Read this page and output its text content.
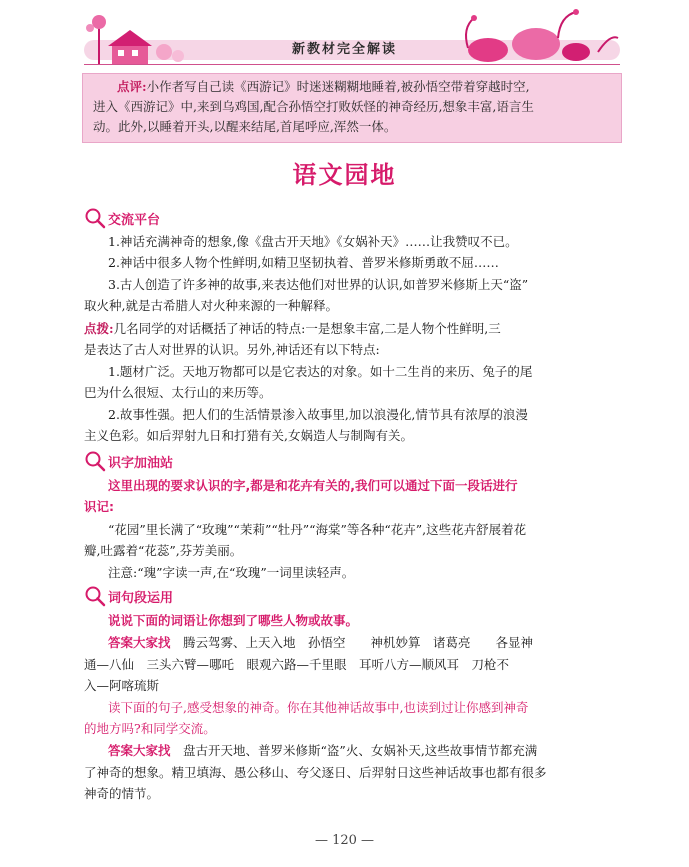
新教材完全解读
点评:小作者写自己读《西游记》时迷迷糊糊地睡着,被孙悟空带着穿越时空,
进入《西游记》中,来到乌鸡国,配合孙悟空打败妖怪的神奇经历,想象丰富,语言生
动。此外,以睡着开头,以醒来结尾,首尾呼应,浑然一体。
语文园地
交流平台
1.神话充满神奇的想象,像《盘古开天地》《女娲补天》……让我赞叹不已。
2.神话中很多人物个性鲜明,如精卫坚韧执着、普罗米修斯勇敢不屈……
3.古人创造了许多神的故事,来表达他们对世界的认识,如普罗米修斯上天“盗”
取火种,就是古希腊人对火种来源的一种解释。
点拨:几名同学的对话概括了神话的特点:一是想象丰富,二是人物个性鲜明,三
是表达了古人对世界的认识。另外,神话还有以下特点:
1.题材广泛。天地万物都可以是它表达的对象。如十二生肖的来历、兔子的尾
巴为什么很短、太行山的来历等。
2.故事性强。把人们的生活情景渗入故事里,加以浪漫化,情节具有浓厚的浪漫
主义色彩。如后羿射九日和打猎有关,女娲造人与制陶有关。
识字加油站
这里出现的要求认识的字,都是和花卉有关的,我们可以通过下面一段话进行
识记:
“花园”里长满了“玫瑰”“茉莉”“牡丹”“海棠”等各种“花卉”,这些花卉舒展着花
瓣,吐露着“花蕊”,芬芳美丽。
注意:“瑰”字读一声,在“玫瑰”一词里读轻声。
词句段运用
说说下面的词语让你想到了哪些人物或故事。
答案大家找　 腾云驾雾、上天入地　孙悟空　　神机妙算　诸葛亮　　各显神
通—八仙　三头六臂—哪吒　眼观六路—千里眼　耳听八方—顺风耳　刀枪不
入—阿喀琉斯
读下面的句子,感受想象的神奇。你在其他神话故事中,也读到过让你感到神奇
的地方吗?和同学交流。
答案大家找　 盘古开天地、普罗米修斯“盗”火、女娲补天,这些故事情节都充满
了神奇的想象。精卫填海、愚公移山、夸父逐日、后羿射日这些神话故事也都有很多
神奇的情节。
— 120 —
